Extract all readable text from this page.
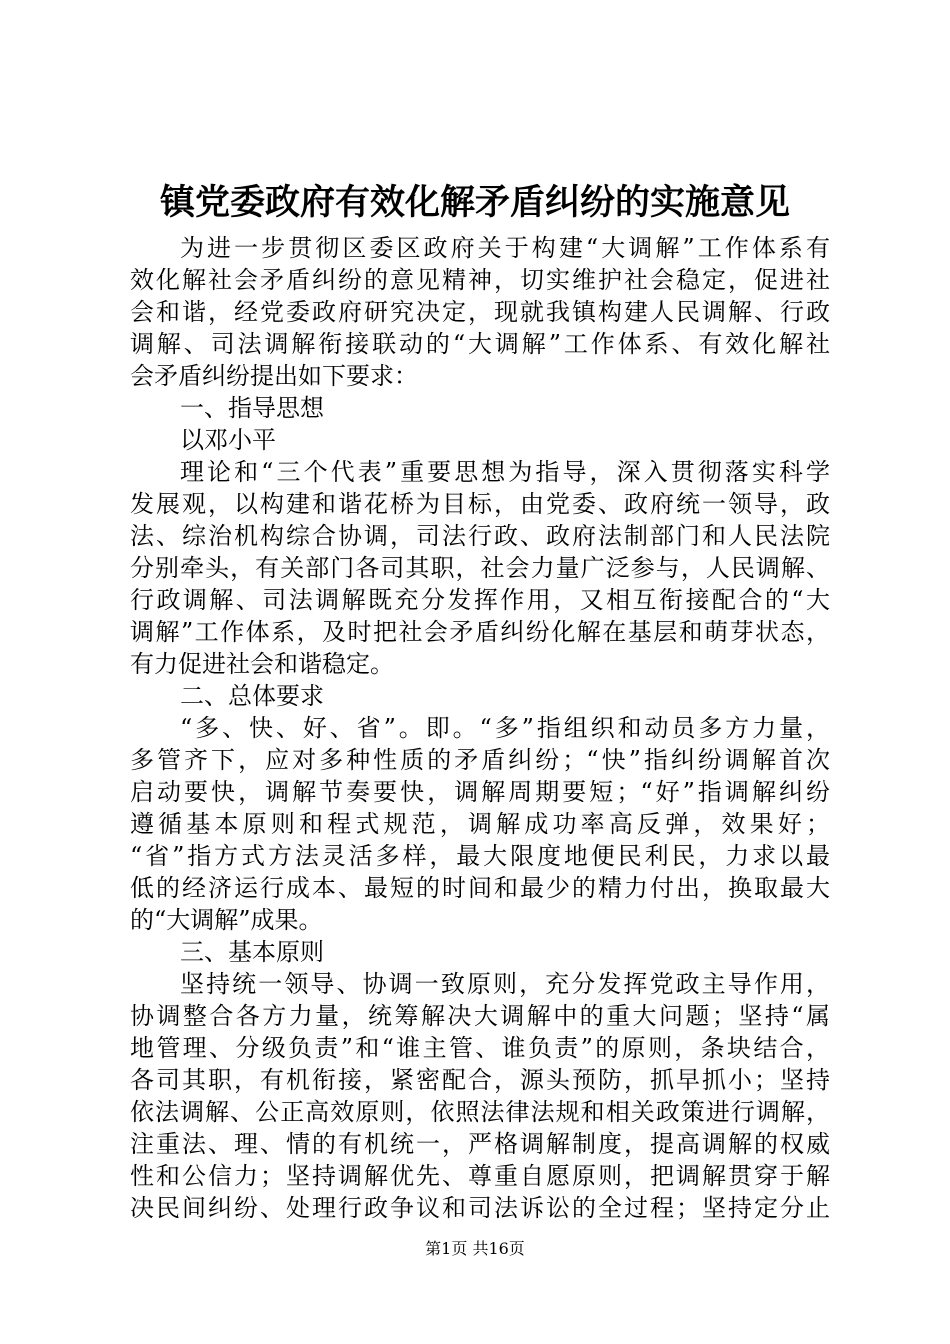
镇党委政府有效化解矛盾纠纷的实施意见
为进一步贯彻区委区政府关于构建“大调解”工作体系有
效化解社会矛盾纠纷的意见精神，切实维护社会稳定，促进社
会和谐，经党委政府研究决定，现就我镇构建人民调解、行政
调解、司法调解衔接联动的“大调解”工作体系、有效化解社
会矛盾纠纷提出如下要求：
一、指导思想
以邓小平
理论和“三个代表”重要思想为指导，深入贯彻落实科学
发展观，以构建和谐花桥为目标，由党委、政府统一领导，政
法、综治机构综合协调，司法行政、政府法制部门和人民法院
分别牵头，有关部门各司其职，社会力量广泛参与，人民调解、
行政调解、司法调解既充分发挥作用，又相互衔接配合的“大
调解”工作体系，及时把社会矛盾纠纷化解在基层和萌芽状态，
有力促进社会和谐稳定。
二、总体要求
“多、快、好、省”。即。“多”指组织和动员多方力量，
多管齐下，应对多种性质的矛盾纠纷；“快”指纠纷调解首次
启动要快，调解节奏要快，调解周期要短；“好”指调解纠纷
遵循基本原则和程式规范，调解成功率高反弹，效果好；
“省”指方式方法灵活多样，最大限度地便民利民，力求以最
低的经济运行成本、最短的时间和最少的精力付出，换取最大
的“大调解”成果。
三、基本原则
坚持统一领导、协调一致原则，充分发挥党政主导作用，
协调整合各方力量，统筹解决大调解中的重大问题；坚持“属
地管理、分级负责”和“谁主管、谁负责”的原则，条块结合，
各司其职，有机衔接，紧密配合，源头预防，抓早抓小；坚持
依法调解、公正高效原则，依照法律法规和相关政策进行调解，
注重法、理、情的有机统一，严格调解制度，提高调解的权威
性和公信力；坚持调解优先、尊重自愿原则，把调解贯穿于解
决民间纠纷、处理行政争议和司法诉讼的全过程；坚持定分止
第1页 共16页
